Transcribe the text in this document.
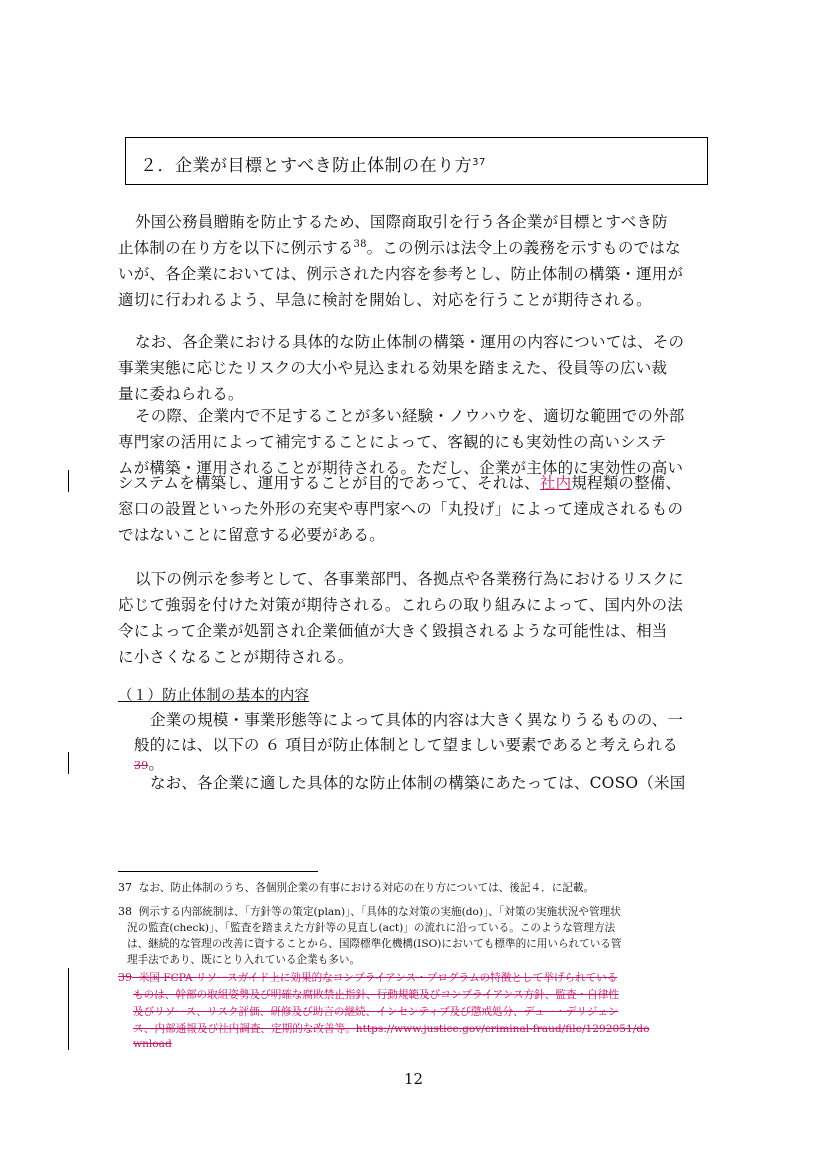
２．企業が目標とすべき防止体制の在り方$^{37}$
外国公務員贈賄を防止するため、国際商取引を行う各企業が目標とすべき防
止体制の在り方を以下に例示する$^{38}$。この例示は法令上の義務を示すものではな
いが、各企業においては、例示された内容を参考とし、防止体制の構築・運用が
適切に行われるよう、早急に検討を開始し、対応を行うことが期待される。
なお、各企業における具体的な防止体制の構築・運用の内容については、その
事業実態に応じたリスクの大小や見込まれる効果を踏まえた、役員等の広い裁
量に委ねられる。
その際、企業内で不足することが多い経験・ノウハウを、適切な範囲での外部
専門家の活用によって補完することによって、客観的にも実効性の高いシステ
ムが構築・運用されることが期待される。ただし、企業が主体的に実効性の高い
システムを構築し、運用することが目的であって、それは、社内規程類の整備、
窓口の設置といった外形の充実や専門家への「丸投げ」によって達成されるもの
ではないことに留意する必要がある。
以下の例示を参考として、各事業部門、各拠点や各業務行為におけるリスクに
応じて強弱を付けた対策が期待される。これらの取り組みによって、国内外の法
令によって企業が処罰され企業価値が大きく毀損されるような可能性は、相当
に小さくなることが期待される。
（１）防止体制の基本的内容
企業の規模・事業形態等によって具体的内容は大きく異なりうるものの、一
般的には、以下の ６ 項目が防止体制として望ましい要素であると考えられる
39。
なお、各企業に適した具体的な防止体制の構築にあたっては、COSO（米国
37 なお、防止体制のうち、各個別企業の有事における対応の在り方については、後記４．に記載。
38 例示する内部統制は、「方針等の策定(plan)」、「具体的な対策の実施(do)」、「対策の実施状況や管理状
況の監査(check)」、「監査を踏まえた方針等の見直し(act)」の流れに沿っている。このような管理方法
は、継続的な管理の改善に資することから、国際標準化機構(ISO)においても標準的に用いられている管
理手法であり、既にとり入れている企業も多い。
39 米国 FCPA リソースガイド上に効果的なコンプライアンス・プログラムの特徴として挙げられている
ものは、幹部の取組姿勢及び明確な腐敗禁止指針、行動規範及びコンプライアンス方針、監査・自律性
及びリソース、リスク評価、研修及び助言の継続、インセンティブ及び懲戒処分、デュー・デリジェン
ス、内部通報及び社内調査、定期的な改善等。https://www.justice.gov/criminal-fraud/file/1292051/do
wnload
12
